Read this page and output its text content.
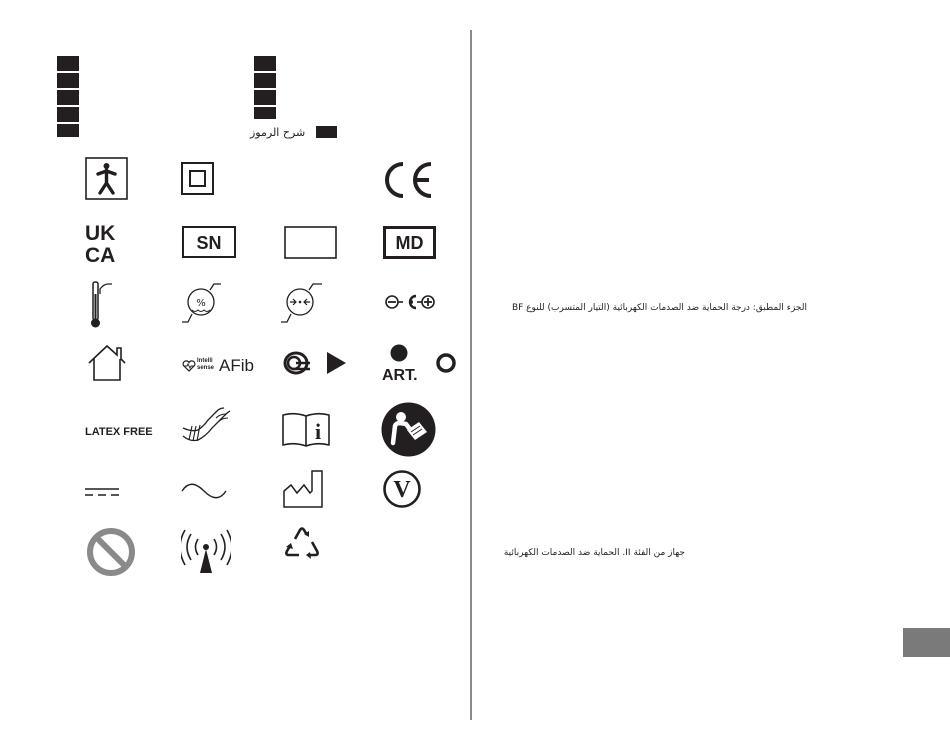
شرح الرموز
UK
CA
SN	MD
%
Intelli
sense AFib
ART.
LATEX FREE	i
V
الجزء المطبق: درجة الحماية ضد الصدمات الكهربائية (التيار المتسرب) للنوع BF
جهاز من الفئة II. الحماية ضد الصدمات الكهربائية
